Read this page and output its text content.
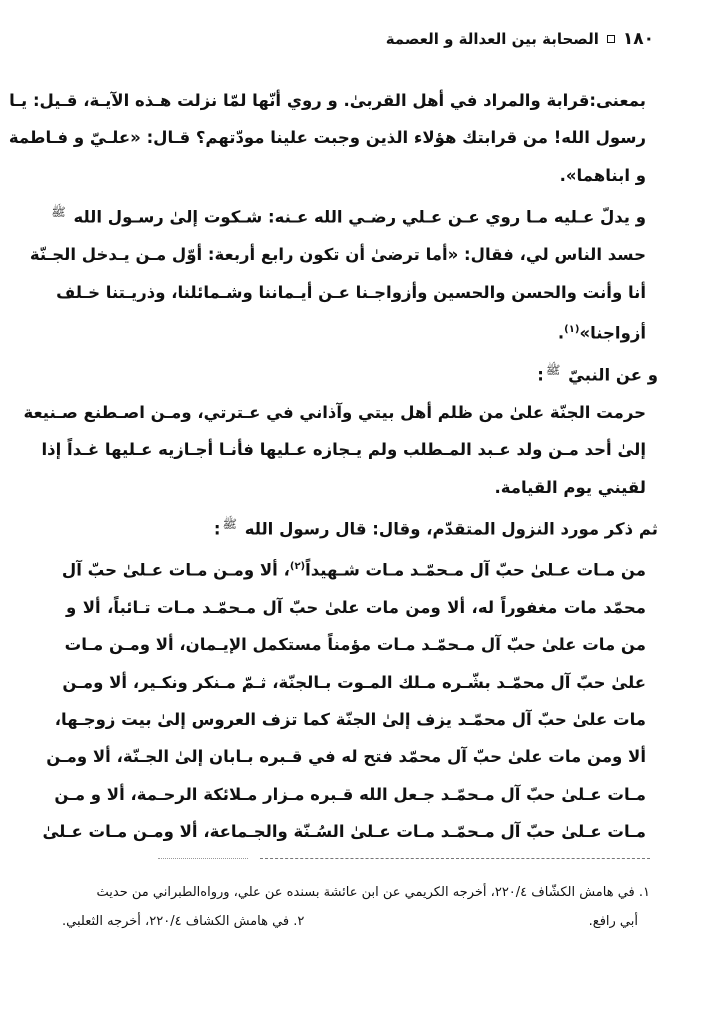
١٨٠
الصحابة بين العدالة و العصمة
بمعنى:قرابة والمراد في أهل القربىٰ. و روي أنّها لمّا نزلت هـذه الآيـة، قـيل: يـا
رسول الله! من قرابتك هؤلاء الذين وجبت علينا مودّتهم؟ قـال: «علـيّ و فـاطمة
و ابناهما».
و يدلّ عـليه مـا روي عـن عـلي رضـي الله عـنه: شـكوت إلىٰ رسـول الله ﷺ
حسد الناس لي، فقال: «أما ترضىٰ أن تكون رابع أربعة: أوّل مـن يـدخل الجـنّة
أنا وأنت والحسن والحسين وأزواجـنا عـن أيـماننا وشـمائلنا، وذريـتنا خـلف
أزواجنا»$^{(١)}$.
و عن النبيّ ﷺ:
حرمت الجنّة علىٰ من ظلم أهل بيتي وآذاني في عـترتي، ومـن اصـطنع صـنيعة
إلىٰ أحد مـن ولد عـبد المـطلب ولم يـجازه عـليها فأنـا أجـازيه عـليها غـداً إذا
لقيني يوم القيامة.
ثم ذكر مورد النزول المتقدّم، وقال: قال رسول الله ﷺ:
من مـات عـلىٰ حبّ آل مـحمّـد مـات شـهيداً$^{(٢)}$، ألا ومـن مـات عـلىٰ حبّ آل
محمّد مات مغفوراً له، ألا ومن مات علىٰ حبّ آل مـحمّـد مـات تـائباً، ألا و
من مات علىٰ حبّ آل مـحمّـد مـات مؤمناً مستكمل الإيـمان، ألا ومـن مـات
علىٰ حبّ آل محمّـد بشّـره مـلك المـوت بـالجنّة، ثـمّ مـنكر ونكـير، ألا ومـن
مات علىٰ حبّ آل محمّـد يزف إلىٰ الجنّة كما تزف العروس إلىٰ بيت زوجـها،
ألا ومن مات علىٰ حبّ آل محمّد فتح له في قـبره بـابان إلىٰ الجـنّة، ألا ومـن
مـات عـلىٰ حبّ آل مـحمّـد جـعل الله قـبره مـزار مـلائكة الرحـمة، ألا و مـن
مـات عـلىٰ حبّ آل مـحمّـد مـات عـلىٰ السُـنّة والجـماعة، ألا ومـن مـات عـلىٰ
١. في هامش الكشّاف ٢٢٠/٤، أخرجه الكريمي عن ابن عائشة بسنده عن علي، ورواه‌الطبراني من حديث
أبي رافع.
٢. في هامش الكشاف ٢٢٠/٤، أخرجه الثعلبي.
